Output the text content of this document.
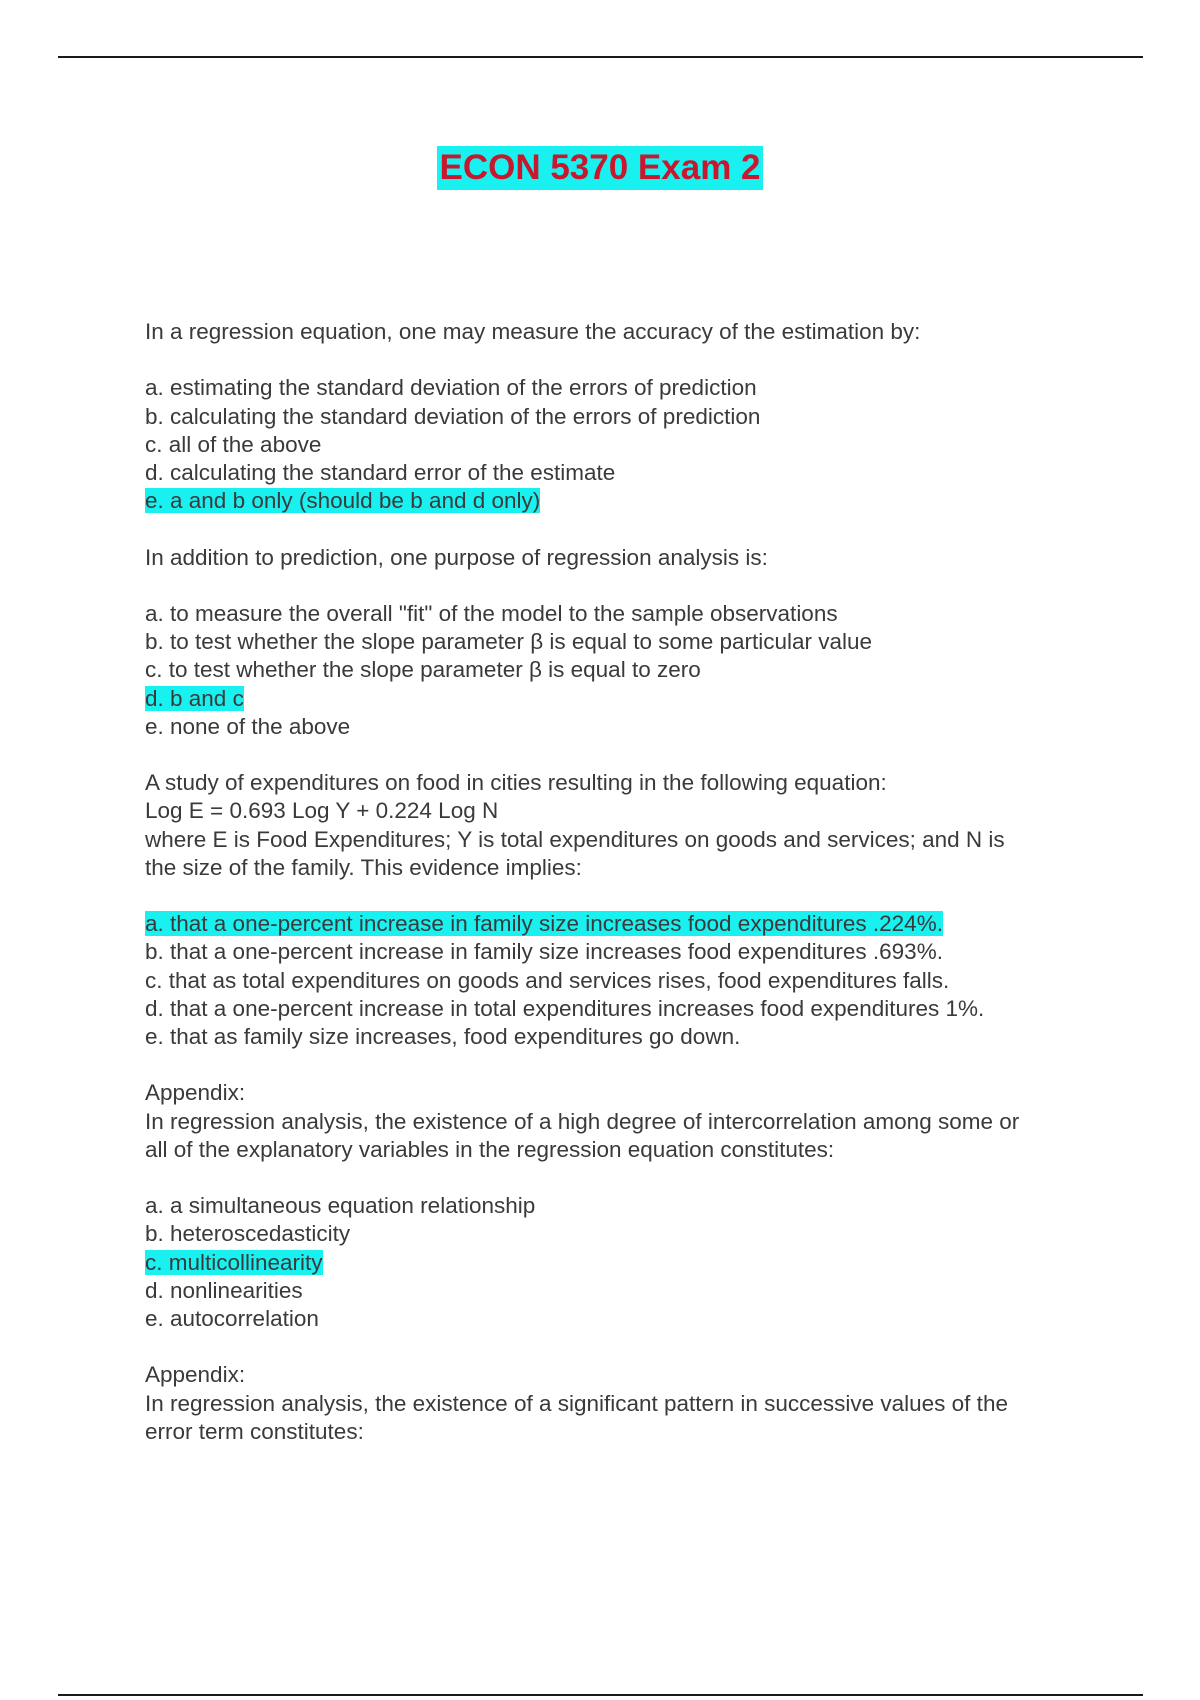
ECON 5370 Exam 2
In a regression equation, one may measure the accuracy of the estimation by:
a. estimating the standard deviation of the errors of prediction
b. calculating the standard deviation of the errors of prediction
c. all of the above
d. calculating the standard error of the estimate
e. a and b only (should be b and d only)
In addition to prediction, one purpose of regression analysis is:
a. to measure the overall "fit" of the model to the sample observations
b. to test whether the slope parameter β is equal to some particular value
c. to test whether the slope parameter β is equal to zero
d. b and c
e. none of the above
A study of expenditures on food in cities resulting in the following equation:
Log E = 0.693 Log Y + 0.224 Log N
where E is Food Expenditures; Y is total expenditures on goods and services; and N is
the size of the family. This evidence implies:
a. that a one-percent increase in family size increases food expenditures .224%.
b. that a one-percent increase in family size increases food expenditures .693%.
c. that as total expenditures on goods and services rises, food expenditures falls.
d. that a one-percent increase in total expenditures increases food expenditures 1%.
e. that as family size increases, food expenditures go down.
Appendix:
In regression analysis, the existence of a high degree of intercorrelation among some or
all of the explanatory variables in the regression equation constitutes:
a. a simultaneous equation relationship
b. heteroscedasticity
c. multicollinearity
d. nonlinearities
e. autocorrelation
Appendix:
In regression analysis, the existence of a significant pattern in successive values of the
error term constitutes:
